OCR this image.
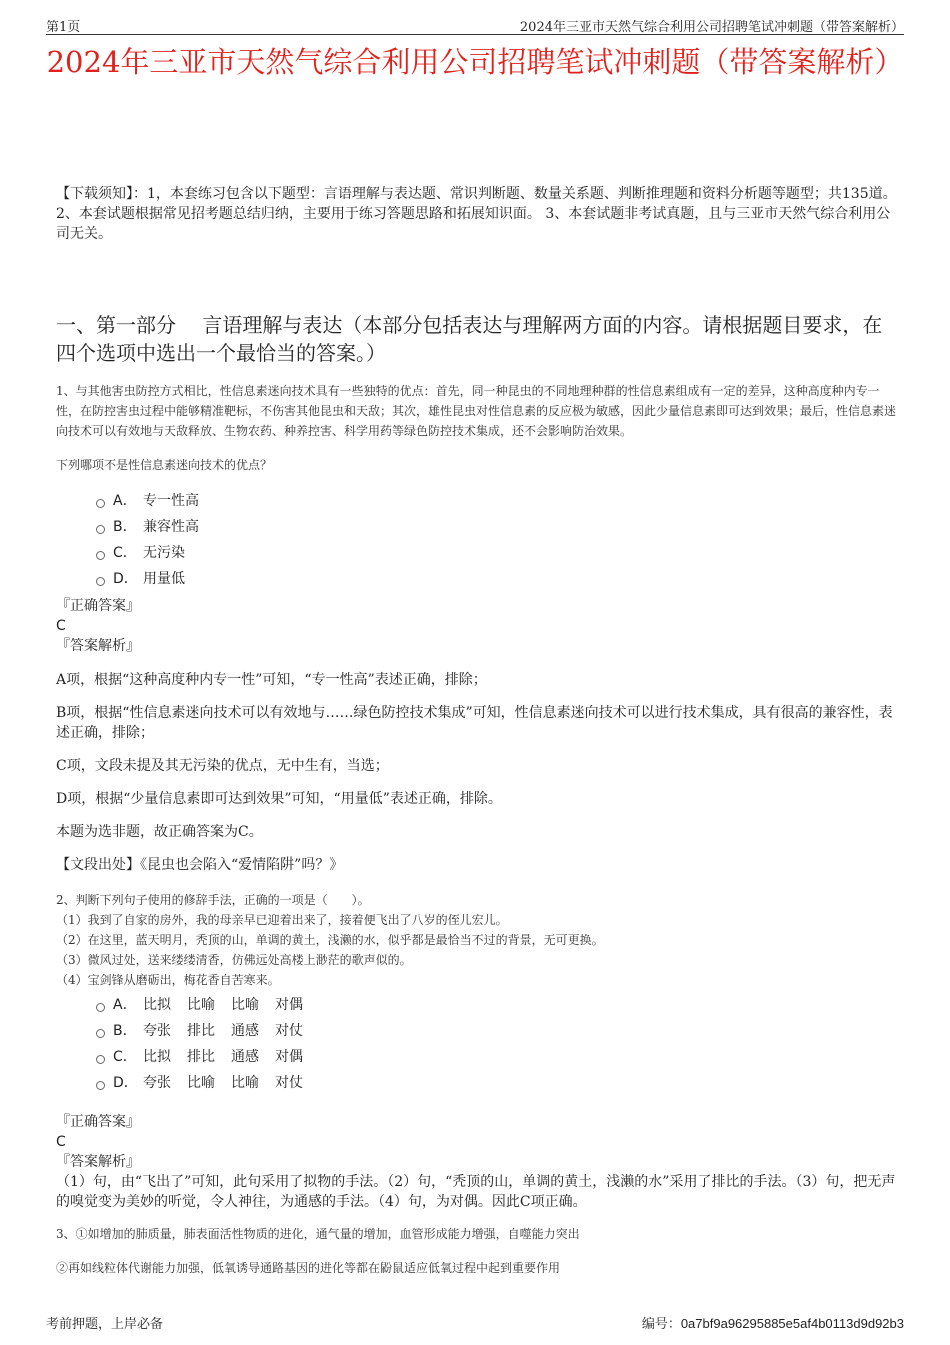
第1页	2024年三亚市天然气综合利用公司招聘笔试冲刺题（带答案解析）
2024年三亚市天然气综合利用公司招聘笔试冲刺题（带答案解析）
【下载须知】：1，本套练习包含以下题型：言语理解与表达题、常识判断题、数量关系题、判断推理题和资料分析题等题型；共135道。 2、本套试题根据常见招考题总结归纳，主要用于练习答题思路和拓展知识面。 3、本套试题非考试真题，且与三亚市天然气综合利用公司无关。
一、第一部分　 言语理解与表达（本部分包括表达与理解两方面的内容。请根据题目要求，在四个选项中选出一个最恰当的答案。）
1、与其他害虫防控方式相比，性信息素迷向技术具有一些独特的优点：首先，同一种昆虫的不同地理种群的性信息素组成有一定的差异，这种高度种内专一性，在防控害虫过程中能够精准靶标，不伤害其他昆虫和天敌；其次，雄性昆虫对性信息素的反应极为敏感，因此少量信息素即可达到效果；最后，性信息素迷向技术可以有效地与天敌释放、生物农药、种养控害、科学用药等绿色防控技术集成，还不会影响防治效果。
下列哪项不是性信息素迷向技术的优点？
A． 专一性高
B． 兼容性高
C． 无污染
D． 用量低

『正确答案』

C

『答案解析』

A项，根据“这种高度种内专一性”可知，“专一性高”表述正确，排除；

B项，根据“性信息素迷向技术可以有效地与……绿色防控技术集成”可知，性信息素迷向技术可以进行技术集成，具有很高的兼容性，表述正确，排除；

C项，文段未提及其无污染的优点，无中生有，当选；

D项，根据“少量信息素即可达到效果”可知，“用量低”表述正确，排除。

本题为选非题，故正确答案为C。

【文段出处】《昆虫也会陷入“爱情陷阱”吗？》

2、判断下列句子使用的修辞手法，正确的一项是（　　）。
（1）我到了自家的房外，我的母亲早已迎着出来了，接着便飞出了八岁的侄儿宏儿。
（2）在这里，蓝天明月，秃顶的山，单调的黄土，浅濑的水，似乎都是最恰当不过的背景，无可更换。
（3）微风过处，送来缕缕清香，仿佛远处高楼上渺茫的歌声似的。
（4）宝剑锋从磨砺出，梅花香自苦寒来。
A． 比拟 比喻 比喻 对偶
B． 夸张 排比 通感 对仗
C． 比拟 排比 通感 对偶
D． 夸张 比喻 比喻 对仗

『正确答案』

C

『答案解析』

（1）句，由“飞出了”可知，此句采用了拟物的手法。（2）句，“秃顶的山，单调的黄土，浅濑的水”采用了排比的手法。（3）句，把无声的嗅觉变为美妙的听觉，令人神往，为通感的手法。（4）句，为对偶。因此C项正确。

3、①如增加的肺质量，肺表面活性物质的进化，通气量的增加，血管形成能力增强，自噬能力突出
②再如线粒体代谢能力加强，低氧诱导通路基因的进化等都在鼢鼠适应低氧过程中起到重要作用
考前押题，上岸必备	编号：0a7bf9a96295885e5af4b0113d9d92b3
